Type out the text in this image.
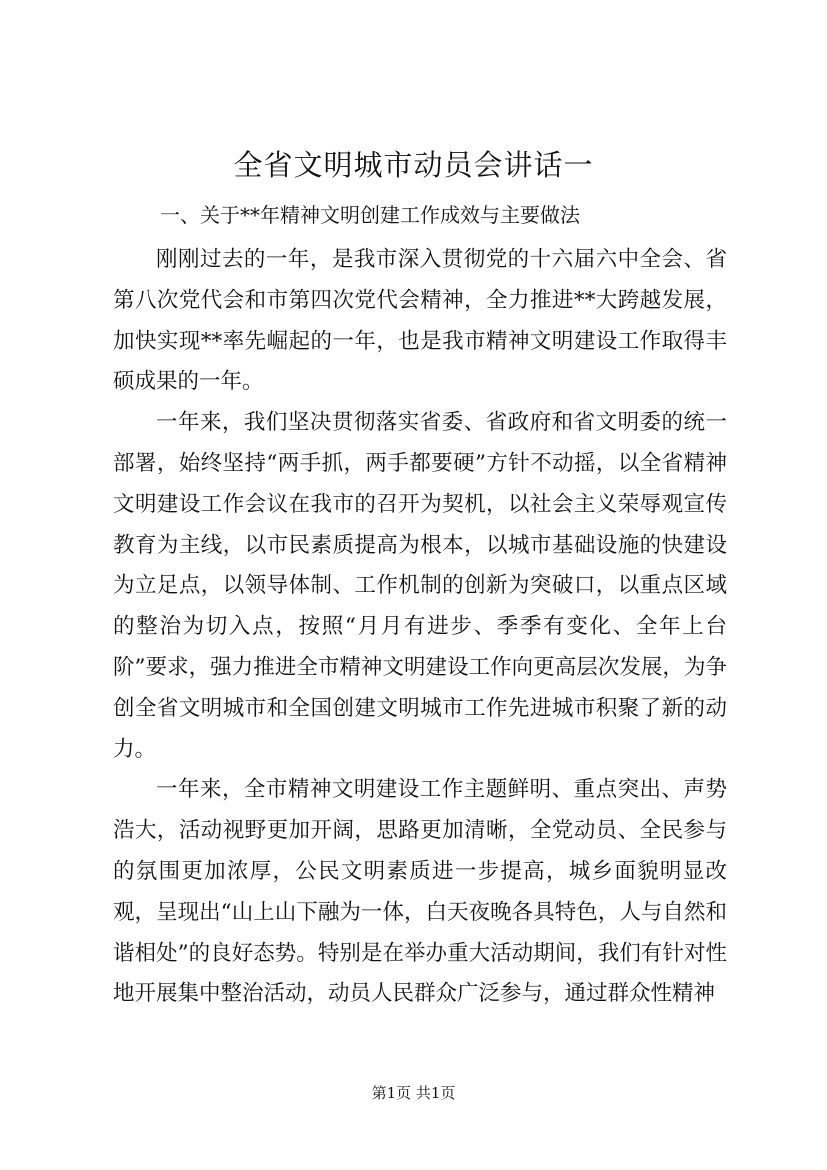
全省文明城市动员会讲话一
一、关于**年精神文明创建工作成效与主要做法

刚刚过去的一年，是我市深入贯彻党的十六届六中全会、省第八次党代会和市第四次党代会精神，全力推进**大跨越发展，加快实现**率先崛起的一年，也是我市精神文明建设工作取得丰硕成果的一年。

一年来，我们坚决贯彻落实省委、省政府和省文明委的统一部署，始终坚持“两手抓，两手都要硬”方针不动摇，以全省精神文明建设工作会议在我市的召开为契机，以社会主义荣辱观宣传教育为主线，以市民素质提高为根本，以城市基础设施的快建设为立足点，以领导体制、工作机制的创新为突破口，以重点区域的整治为切入点，按照“月月有进步、季季有变化、全年上台阶”要求，强力推进全市精神文明建设工作向更高层次发展，为争创全省文明城市和全国创建文明城市工作先进城市积聚了新的动力。

一年来，全市精神文明建设工作主题鲜明、重点突出、声势浩大，活动视野更加开阔，思路更加清晰，全党动员、全民参与的氛围更加浓厚，公民文明素质进一步提高，城乡面貌明显改观，呈现出“山上山下融为一体，白天夜晚各具特色，人与自然和谐相处”的良好态势。特别是在举办重大活动期间，我们有针对性地开展集中整治活动，动员人民群众广泛参与，通过群众性精神

第1页 共1页
